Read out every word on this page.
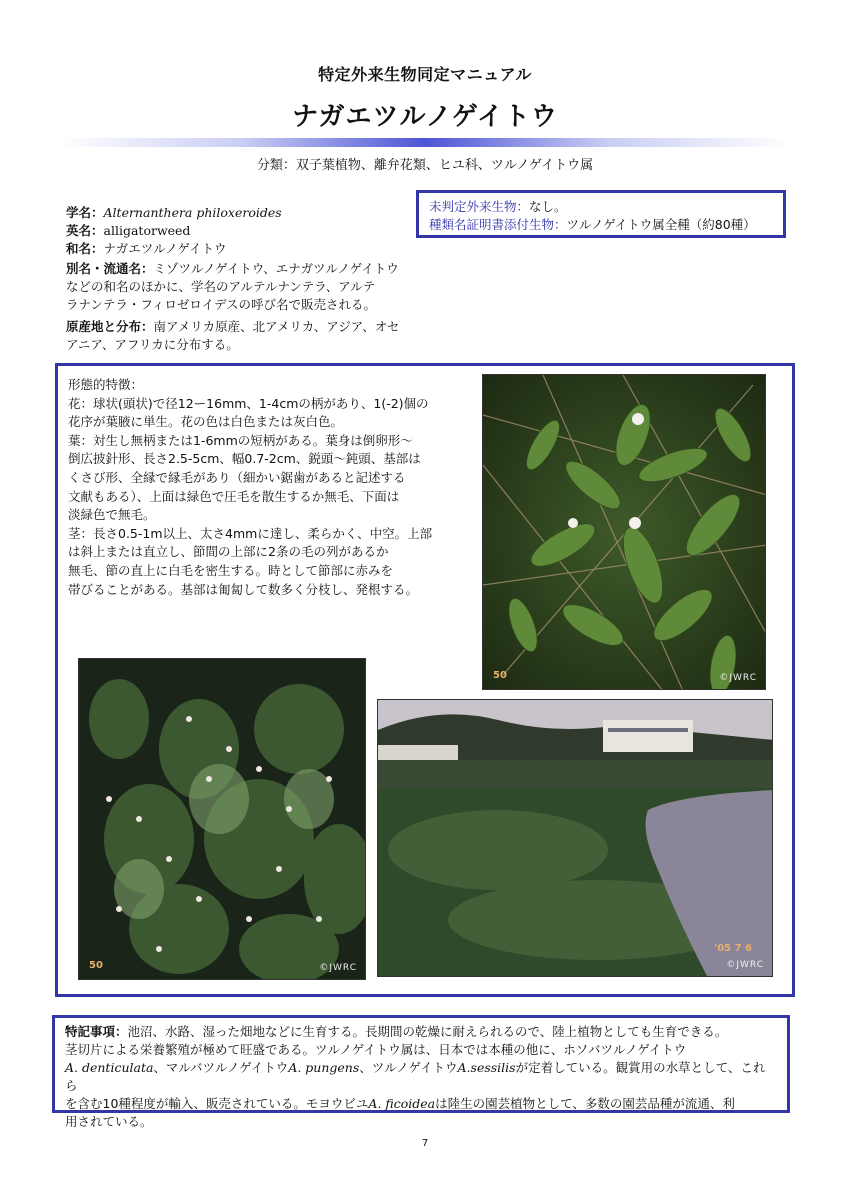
特定外来生物同定マニュアル
ナガエツルノゲイトウ
分類：双子葉植物、離弁花類、ヒユ科、ツルノゲイトウ属
学名：Alternanthera philoxeroides
英名：alligatorweed
和名：ナガエツルノゲイトウ
別名・流通名：ミゾツルノゲイトウ、エナガツルノゲイトウ
などの和名のほかに、学名のアルテルナンテラ、アルテ
ラナンテラ・フィロゼロイデスの呼び名で販売される。
原産地と分布：南アメリカ原産、北アメリカ、アジア、オセ
アニア、アフリカに分布する。
未判定外来生物：なし。
種類名証明書添付生物：ツルノゲイトウ属全種（約80種）
形態的特徴：
花：球状(頭状)で径12ー16mm、1-4cmの柄があり、1(-2)個の
花序が葉腋に単生。花の色は白色または灰白色。
葉：対生し無柄または1-6mmの短柄がある。葉身は倒卵形～
倒広披針形、長さ2.5-5cm、幅0.7-2cm、鋭頭～鈍頭、基部は
くさび形、全縁で縁毛があり（細かい鋸歯があると記述する
文献もある）、上面は緑色で圧毛を散生するか無毛、下面は
淡緑色で無毛。
茎：長さ0.5-1m以上、太さ4mmに達し、柔らかく、中空。上部
は斜上または直立し、節間の上部に2条の毛の列があるか
無毛、節の直上に白毛を密生する。時として節部に赤みを
帯びることがある。基部は匍匐して数多く分枝し、発根する。
50	©JWRC
50	©JWRC
'05 7 6
©JWRC
特記事項：池沼、水路、湿った畑地などに生育する。長期間の乾燥に耐えられるので、陸上植物としても生育できる。
茎切片による栄養繁殖が極めて旺盛である。ツルノゲイトウ属は、日本では本種の他に、ホソバツルノゲイトウ
A. denticulata、マルバツルノゲイトウA. pungens、ツルノゲイトウA.sessilisが定着している。観賞用の水草として、これら
を含む10種程度が輸入、販売されている。モヨウビユA. ficoideaは陸生の園芸植物として、多数の園芸品種が流通、利
用されている。
7
